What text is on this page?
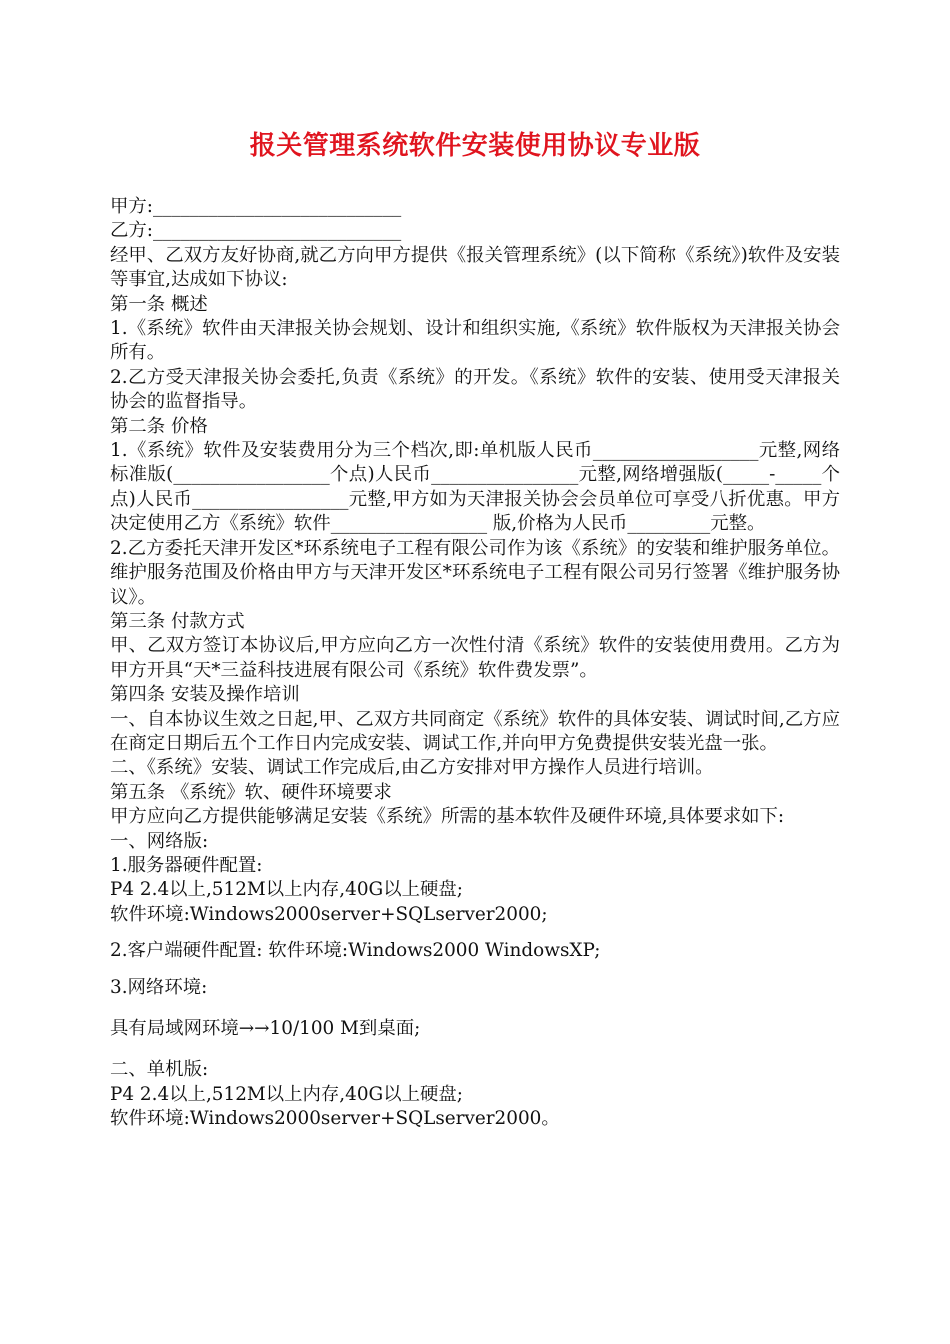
报关管理系统软件安装使用协议专业版

甲方:___________________________

乙方:___________________________

经甲、乙双方友好协商,就乙方向甲方提供《报关管理系统》(以下简称《系统》)软件及安装等事宜,达成如下协议:

第一条 概述

1.《系统》软件由天津报关协会规划、设计和组织实施,《系统》软件版权为天津报关协会所有。

2.乙方受天津报关协会委托,负责《系统》的开发。《系统》软件的安装、使用受天津报关协会的监督指导。

第二条 价格

1.《系统》软件及安装费用分为三个档次,即:单机版人民币__________________元整,网络标准版(_________________个点)人民币________________元整,网络增强版(_____-_____个点)人民币_________________元整,甲方如为天津报关协会会员单位可享受八折优惠。甲方决定使用乙方《系统》软件_________________ 版,价格为人民币_________元整。

2.乙方委托天津开发区*环系统电子工程有限公司作为该《系统》的安装和维护服务单位。维护服务范围及价格由甲方与天津开发区*环系统电子工程有限公司另行签署《维护服务协议》。

第三条 付款方式

甲、乙双方签订本协议后,甲方应向乙方一次性付清《系统》软件的安装使用费用。乙方为甲方开具“天*三益科技进展有限公司《系统》软件费发票”。

第四条 安装及操作培训

一、自本协议生效之日起,甲、乙双方共同商定《系统》软件的具体安装、调试时间,乙方应在商定日期后五个工作日内完成安装、调试工作,并向甲方免费提供安装光盘一张。

二、《系统》安装、调试工作完成后,由乙方安排对甲方操作人员进行培训。

第五条 《系统》软、硬件环境要求

甲方应向乙方提供能够满足安装《系统》所需的基本软件及硬件环境,具体要求如下:

一、网络版:

1.服务器硬件配置:

P4 2.4以上,512M以上内存,40G以上硬盘;

软件环境:Windows2000server+SQLserver2000;

2.客户端硬件配置: 软件环境:Windows2000 WindowsXP;

3.网络环境:

具有局域网环境→→10/100 M到桌面;

二、单机版:

P4 2.4以上,512M以上内存,40G以上硬盘;

软件环境:Windows2000server+SQLserver2000。
